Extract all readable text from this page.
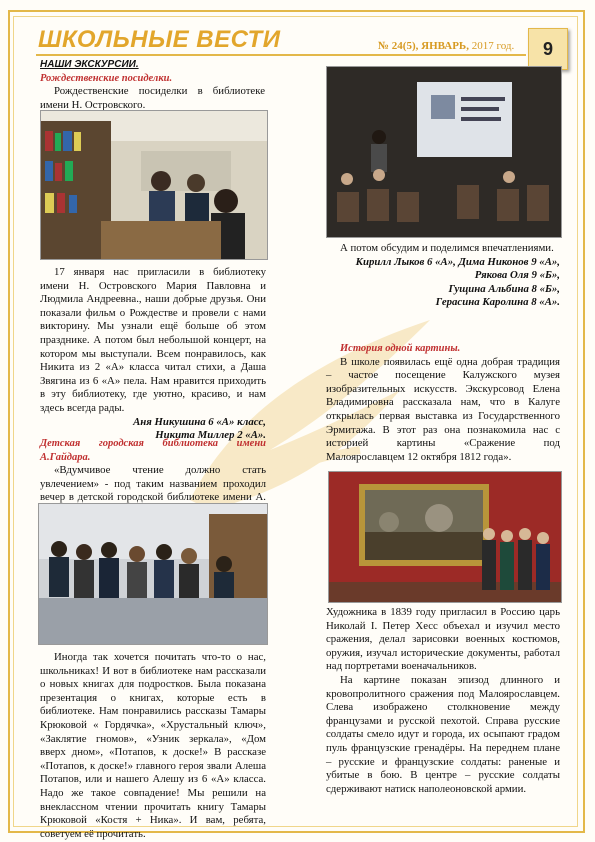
ШКОЛЬНЫЕ ВЕСТИ	№ 24(5), ЯНВАРЬ, 2017 год.	9
НАШИ ЭКСКУРСИИ.
Рождественские посиделки.
Рождественские посиделки в библиотеке имени Н. Островского.
17 января нас пригласили в библиотеку имени Н. Островского Мария Павловна и Людмила Андреевна., наши добрые друзья. Они показали фильм о Рождестве и провели с нами викторину. Мы узнали ещё больше об этом празднике. А потом был небольшой концерт, на котором мы выступали. Всем понравилось, как Никита из 2 «А» класса читал стихи, а Даша Звягина из 6 «А» пела. Нам нравится приходить в эту библиотеку, где уютно, красиво, и нам здесь всегда рады.
Аня Никушина 6 «А» класс,
Никита Миллер 2 «А».
Детская городская библиотека имени А.Гайдара.
«Вдумчивое чтение должно стать увлечением» - под таким названием проходил вечер в детской городской библиотеке имени А.
Иногда так хочется почитать что-то о нас, школьниках! И вот в библиотеке нам рассказали о новых книгах для подростков. Была показана презентация о книгах, которые есть в библиотеке. Нам понравились рассказы Тамары Крюковой « Гордячка», «Хрустальный ключ», «Заклятие гномов», «Узник зеркала», «Дом вверх дном», «Потапов, к доске!» В рассказе «Потапов, к доске!» главного героя звали Алеша Потапов, или и нашего Алешу из 6 «А» класса. Надо же такое совпадение! Мы решили на внеклассном чтении прочитать книгу Тамары Крюковой «Костя + Ника». И вам, ребята, советуем её прочитать.
А потом обсудим и поделимся впечатлениями.
Кирилл Лыков 6 «А», Дима Никонов 9 «А»,
Рякова Оля 9 «Б»,
Гущина Альбина 8 «Б»,
Герасина Каролина 8 «А».
История одной картины.
В школе появилась ещё одна добрая традиция – частое посещение Калужского музея изобразительных искусств. Экскурсовод Елена Владимировна рассказала нам, что в Калуге открылась первая выставка из Государственного Эрмитажа. В этот раз она познакомила нас с историей картины «Сражение под Малоярославцем 12 октября 1812 года».
Художника в 1839 году пригласил в Россию царь Николай I. Петер Хесс объехал и изучил место сражения, делал зарисовки военных костюмов, оружия, изучал исторические документы, работал над портретами военачальников.
На картине показан эпизод длинного и кровопролитного сражения под Малоярославцем. Слева изображено столкновение между французами и русской пехотой. Справа русские солдаты смело идут и города, их осыпают градом пуль французские гренадёры. На переднем плане – русские и французские солдаты: раненые и убитые в бою. В центре – русские солдаты сдерживают натиск наполеоновской армии.
